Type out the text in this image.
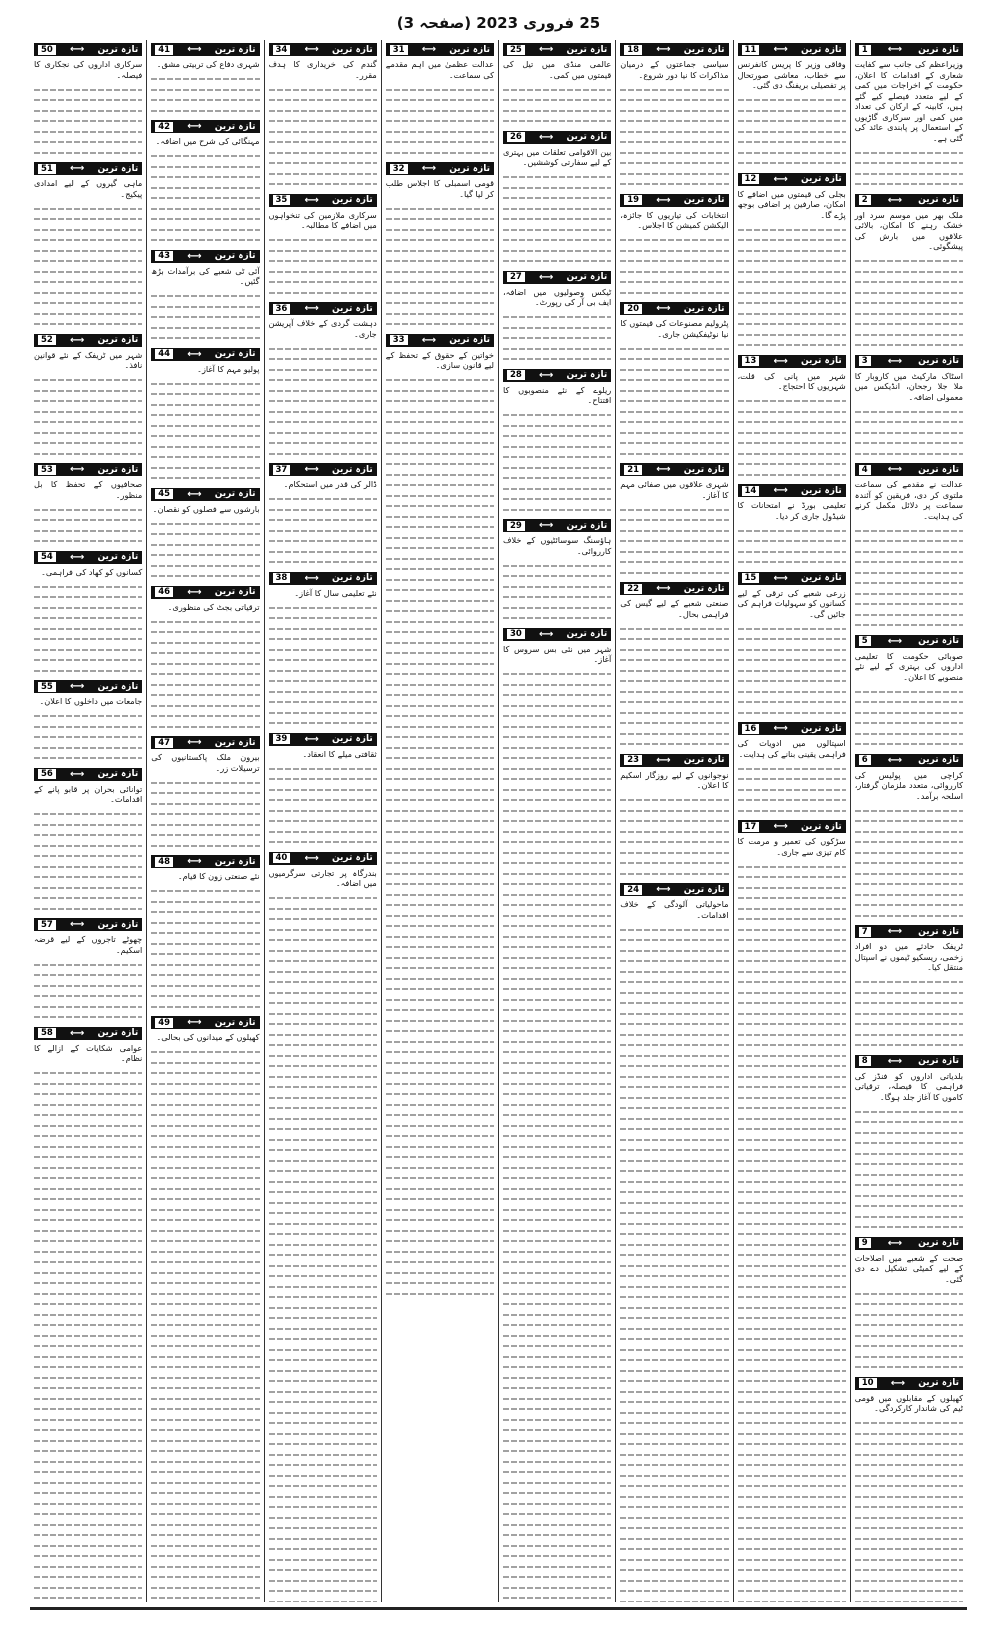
25 فروری 2023 (صفحہ 3)
1	⟷ تازہ ترین
وزیراعظم کی جانب سے کفایت شعاری کے اقدامات کا اعلان، حکومت کے اخراجات میں کمی کے لیے متعدد فیصلے کیے گئے ہیں، کابینہ کے ارکان کی تعداد میں کمی اور سرکاری گاڑیوں کے استعمال پر پابندی عائد کی گئی ہے۔
2	⟷ تازہ ترین
ملک بھر میں موسم سرد اور خشک رہنے کا امکان، بالائی علاقوں میں بارش کی پیشگوئی۔
3	⟷ تازہ ترین
اسٹاک مارکیٹ میں کاروبار کا ملا جلا رجحان، انڈیکس میں معمولی اضافہ۔
4	⟷ تازہ ترین
عدالت نے مقدمے کی سماعت ملتوی کر دی، فریقین کو آئندہ سماعت پر دلائل مکمل کرنے کی ہدایت۔
5	⟷ تازہ ترین
صوبائی حکومت کا تعلیمی اداروں کی بہتری کے لیے نئے منصوبے کا اعلان۔
6	⟷ تازہ ترین
کراچی میں پولیس کی کارروائی، متعدد ملزمان گرفتار، اسلحہ برآمد۔
7	⟷ تازہ ترین
ٹریفک حادثے میں دو افراد زخمی، ریسکیو ٹیموں نے اسپتال منتقل کیا۔
8	⟷ تازہ ترین
بلدیاتی اداروں کو فنڈز کی فراہمی کا فیصلہ، ترقیاتی کاموں کا آغاز جلد ہوگا۔
9	⟷ تازہ ترین
صحت کے شعبے میں اصلاحات کے لیے کمیٹی تشکیل دے دی گئی۔
10	⟷ تازہ ترین
کھیلوں کے مقابلوں میں قومی ٹیم کی شاندار کارکردگی۔
11	⟷ تازہ ترین
وفاقی وزیر کا پریس کانفرنس سے خطاب، معاشی صورتحال پر تفصیلی بریفنگ دی گئی۔
12	⟷ تازہ ترین
بجلی کی قیمتوں میں اضافے کا امکان، صارفین پر اضافی بوجھ پڑے گا۔
13	⟷ تازہ ترین
شہر میں پانی کی قلت، شہریوں کا احتجاج۔
14	⟷ تازہ ترین
تعلیمی بورڈ نے امتحانات کا شیڈول جاری کر دیا۔
15	⟷ تازہ ترین
زرعی شعبے کی ترقی کے لیے کسانوں کو سہولیات فراہم کی جائیں گی۔
16	⟷ تازہ ترین
اسپتالوں میں ادویات کی فراہمی یقینی بنانے کی ہدایت۔
17	⟷ تازہ ترین
سڑکوں کی تعمیر و مرمت کا کام تیزی سے جاری۔
18	⟷ تازہ ترین
سیاسی جماعتوں کے درمیان مذاکرات کا نیا دور شروع۔
19	⟷ تازہ ترین
انتخابات کی تیاریوں کا جائزہ، الیکشن کمیشن کا اجلاس۔
20	⟷ تازہ ترین
پٹرولیم مصنوعات کی قیمتوں کا نیا نوٹیفکیشن جاری۔
21	⟷ تازہ ترین
شہری علاقوں میں صفائی مہم کا آغاز۔
22	⟷ تازہ ترین
صنعتی شعبے کے لیے گیس کی فراہمی بحال۔
23	⟷ تازہ ترین
نوجوانوں کے لیے روزگار اسکیم کا اعلان۔
24	⟷ تازہ ترین
ماحولیاتی آلودگی کے خلاف اقدامات۔
25	⟷ تازہ ترین
عالمی منڈی میں تیل کی قیمتوں میں کمی۔
26	⟷ تازہ ترین
بین الاقوامی تعلقات میں بہتری کے لیے سفارتی کوششیں۔
27	⟷ تازہ ترین
ٹیکس وصولیوں میں اضافہ، ایف بی آر کی رپورٹ۔
28	⟷ تازہ ترین
ریلوے کے نئے منصوبوں کا افتتاح۔
29	⟷ تازہ ترین
ہاؤسنگ سوسائٹیوں کے خلاف کارروائی۔
30	⟷ تازہ ترین
شہر میں نئی بس سروس کا آغاز۔
31	⟷ تازہ ترین
عدالت عظمیٰ میں اہم مقدمے کی سماعت۔
32	⟷ تازہ ترین
قومی اسمبلی کا اجلاس طلب کر لیا گیا۔
33	⟷ تازہ ترین
خواتین کے حقوق کے تحفظ کے لیے قانون سازی۔
34	⟷ تازہ ترین
گندم کی خریداری کا ہدف مقرر۔
35	⟷ تازہ ترین
سرکاری ملازمین کی تنخواہوں میں اضافے کا مطالبہ۔
36	⟷ تازہ ترین
دہشت گردی کے خلاف آپریشن جاری۔
37	⟷ تازہ ترین
ڈالر کی قدر میں استحکام۔
38	⟷ تازہ ترین
نئے تعلیمی سال کا آغاز۔
39	⟷ تازہ ترین
ثقافتی میلے کا انعقاد۔
40	⟷ تازہ ترین
بندرگاہ پر تجارتی سرگرمیوں میں اضافہ۔
41	⟷ تازہ ترین
شہری دفاع کی تربیتی مشق۔
42	⟷ تازہ ترین
مہنگائی کی شرح میں اضافہ۔
43	⟷ تازہ ترین
آئی ٹی شعبے کی برآمدات بڑھ گئیں۔
44	⟷ تازہ ترین
پولیو مہم کا آغاز۔
45	⟷ تازہ ترین
بارشوں سے فصلوں کو نقصان۔
46	⟷ تازہ ترین
ترقیاتی بجٹ کی منظوری۔
47	⟷ تازہ ترین
بیرون ملک پاکستانیوں کی ترسیلات زر۔
48	⟷ تازہ ترین
نئے صنعتی زون کا قیام۔
49	⟷ تازہ ترین
کھیلوں کے میدانوں کی بحالی۔
50	⟷ تازہ ترین
سرکاری اداروں کی نجکاری کا فیصلہ۔
51	⟷ تازہ ترین
ماہی گیروں کے لیے امدادی پیکیج۔
52	⟷ تازہ ترین
شہر میں ٹریفک کے نئے قوانین نافذ۔
53	⟷ تازہ ترین
صحافیوں کے تحفظ کا بل منظور۔
54	⟷ تازہ ترین
کسانوں کو کھاد کی فراہمی۔
55	⟷ تازہ ترین
جامعات میں داخلوں کا اعلان۔
56	⟷ تازہ ترین
توانائی بحران پر قابو پانے کے اقدامات۔
57	⟷ تازہ ترین
چھوٹے تاجروں کے لیے قرضہ اسکیم۔
58	⟷ تازہ ترین
عوامی شکایات کے ازالے کا نظام۔
